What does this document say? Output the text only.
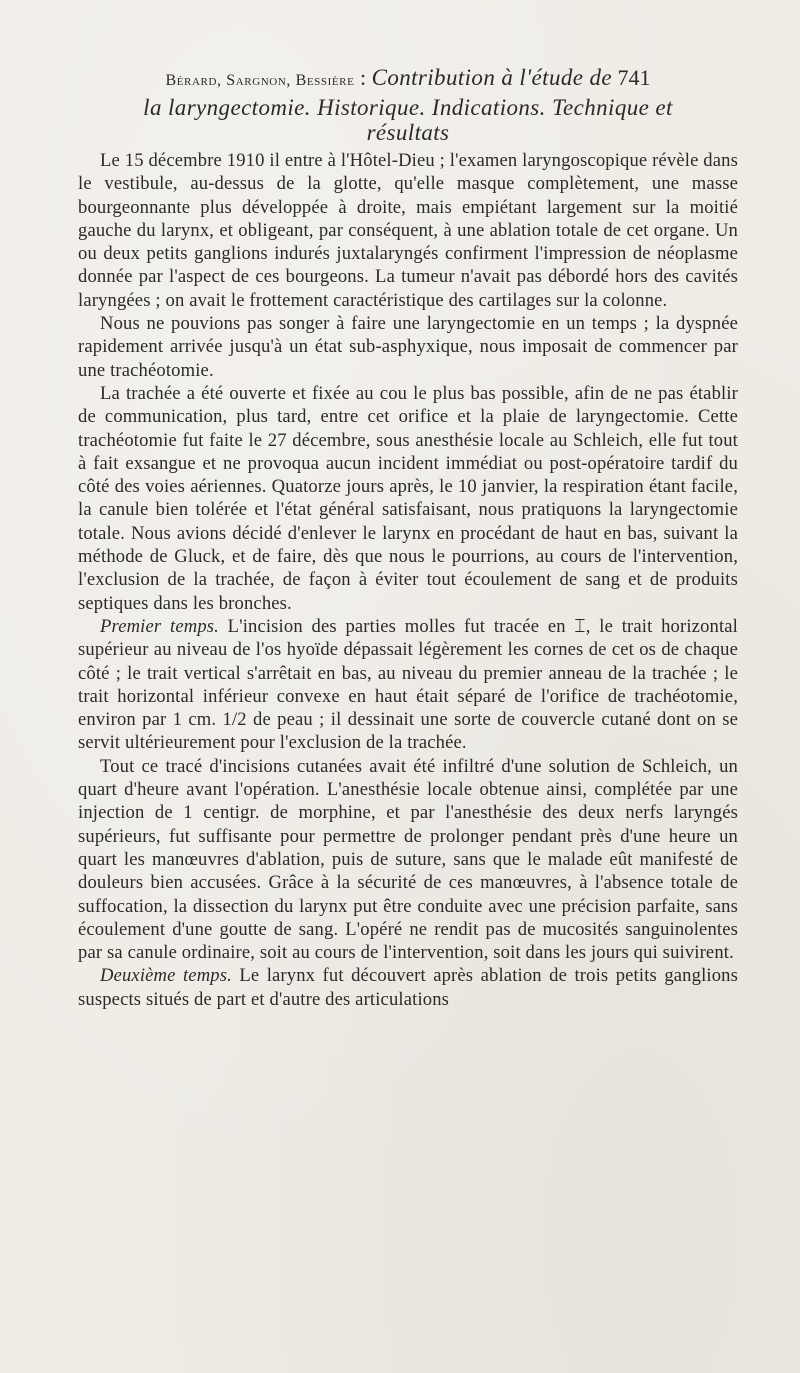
Bérard, Sargnon, Bessière : Contribution à l'étude de 741
la laryngectomie. Historique. Indications. Technique et
résultats

Le 15 décembre 1910 il entre à l'Hôtel-Dieu ; l'examen laryngoscopique révèle dans le vestibule, au-dessus de la glotte, qu'elle masque complètement, une masse bourgeonnante plus développée à droite, mais empiétant largement sur la moitié gauche du larynx, et obligeant, par conséquent, à une ablation totale de cet organe. Un ou deux petits ganglions indurés juxtalaryngés confirment l'impression de néoplasme donnée par l'aspect de ces bourgeons. La tumeur n'avait pas débordé hors des cavités laryngées ; on avait le frottement caractéristique des cartilages sur la colonne.

Nous ne pouvions pas songer à faire une laryngectomie en un temps ; la dyspnée rapidement arrivée jusqu'à un état sub-asphyxique, nous imposait de commencer par une trachéotomie.

La trachée a été ouverte et fixée au cou le plus bas possible, afin de ne pas établir de communication, plus tard, entre cet orifice et la plaie de laryngectomie. Cette trachéotomie fut faite le 27 décembre, sous anesthésie locale au Schleich, elle fut tout à fait exsangue et ne provoqua aucun incident immédiat ou post-opératoire tardif du côté des voies aériennes. Quatorze jours après, le 10 janvier, la respiration étant facile, la canule bien tolérée et l'état général satisfaisant, nous pratiquons la laryngectomie totale. Nous avions décidé d'enlever le larynx en procédant de haut en bas, suivant la méthode de Gluck, et de faire, dès que nous le pourrions, au cours de l'intervention, l'exclusion de la trachée, de façon à éviter tout écoulement de sang et de produits septiques dans les bronches.

Premier temps. L'incision des parties molles fut tracée en ⌶, le trait horizontal supérieur au niveau de l'os hyoïde dépassait légèrement les cornes de cet os de chaque côté ; le trait vertical s'arrêtait en bas, au niveau du premier anneau de la trachée ; le trait horizontal inférieur convexe en haut était séparé de l'orifice de trachéotomie, environ par 1 cm. 1/2 de peau ; il dessinait une sorte de couvercle cutané dont on se servit ultérieurement pour l'exclusion de la trachée.

Tout ce tracé d'incisions cutanées avait été infiltré d'une solution de Schleich, un quart d'heure avant l'opération. L'anesthésie locale obtenue ainsi, complétée par une injection de 1 centigr. de morphine, et par l'anesthésie des deux nerfs laryngés supérieurs, fut suffisante pour permettre de prolonger pendant près d'une heure un quart les manœuvres d'ablation, puis de suture, sans que le malade eût manifesté de douleurs bien accusées. Grâce à la sécurité de ces manœuvres, à l'absence totale de suffocation, la dissection du larynx put être conduite avec une précision parfaite, sans écoulement d'une goutte de sang. L'opéré ne rendit pas de mucosités sanguinolentes par sa canule ordinaire, soit au cours de l'intervention, soit dans les jours qui suivirent.

Deuxième temps. Le larynx fut découvert après ablation de trois petits ganglions suspects situés de part et d'autre des articulations
